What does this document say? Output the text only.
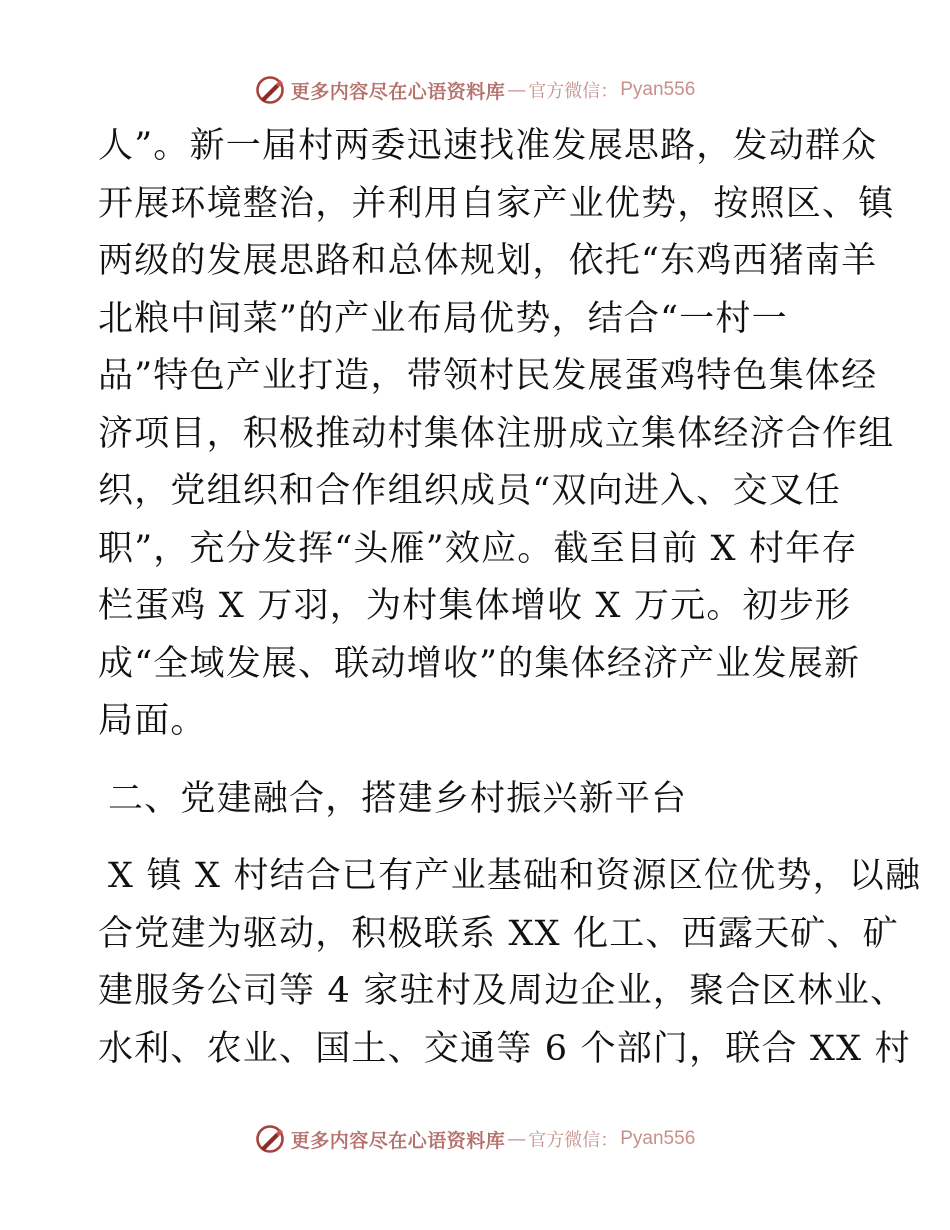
更多内容尽在心语资料库 — 官方微信： Pyan556
人”。新一届村两委迅速找准发展思路，发动群众
开展环境整治，并利用自家产业优势，按照区、镇
两级的发展思路和总体规划，依托“东鸡西猪南羊
北粮中间菜”的产业布局优势，结合“一村一
品”特色产业打造，带领村民发展蛋鸡特色集体经
济项目，积极推动村集体注册成立集体经济合作组
织，党组织和合作组织成员“双向进入、交叉任
职”，充分发挥“头雁”效应。截至目前 X 村年存
栏蛋鸡 X 万羽，为村集体增收 X 万元。初步形
成“全域发展、联动增收”的集体经济产业发展新
局面。
二、党建融合，搭建乡村振兴新平台
X 镇 X 村结合已有产业基础和资源区位优势，以融
合党建为驱动，积极联系 XX 化工、西露天矿、矿
建服务公司等 4 家驻村及周边企业，聚合区林业、
水利、农业、国土、交通等 6 个部门，联合 XX 村
更多内容尽在心语资料库 — 官方微信： Pyan556
